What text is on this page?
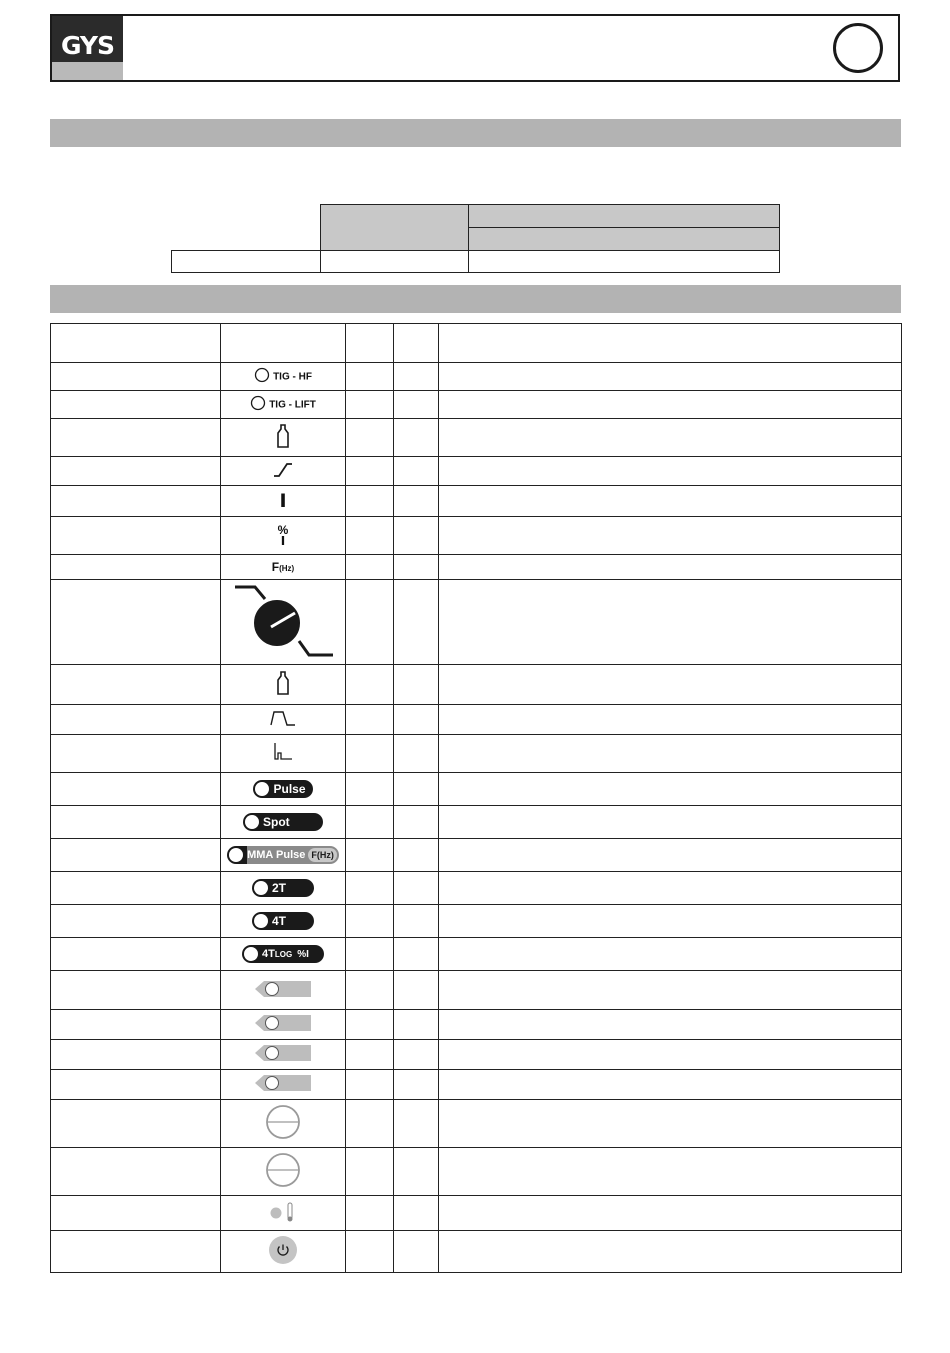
GYS

	TIG - HF			
	TIG - LIFT			

	I			

	%
I			

	F(Hz)			

	Pulse			

	Spot			

	MMA Pulse F(Hz)			

	2T			

	4T			

	4T LOG %I			
